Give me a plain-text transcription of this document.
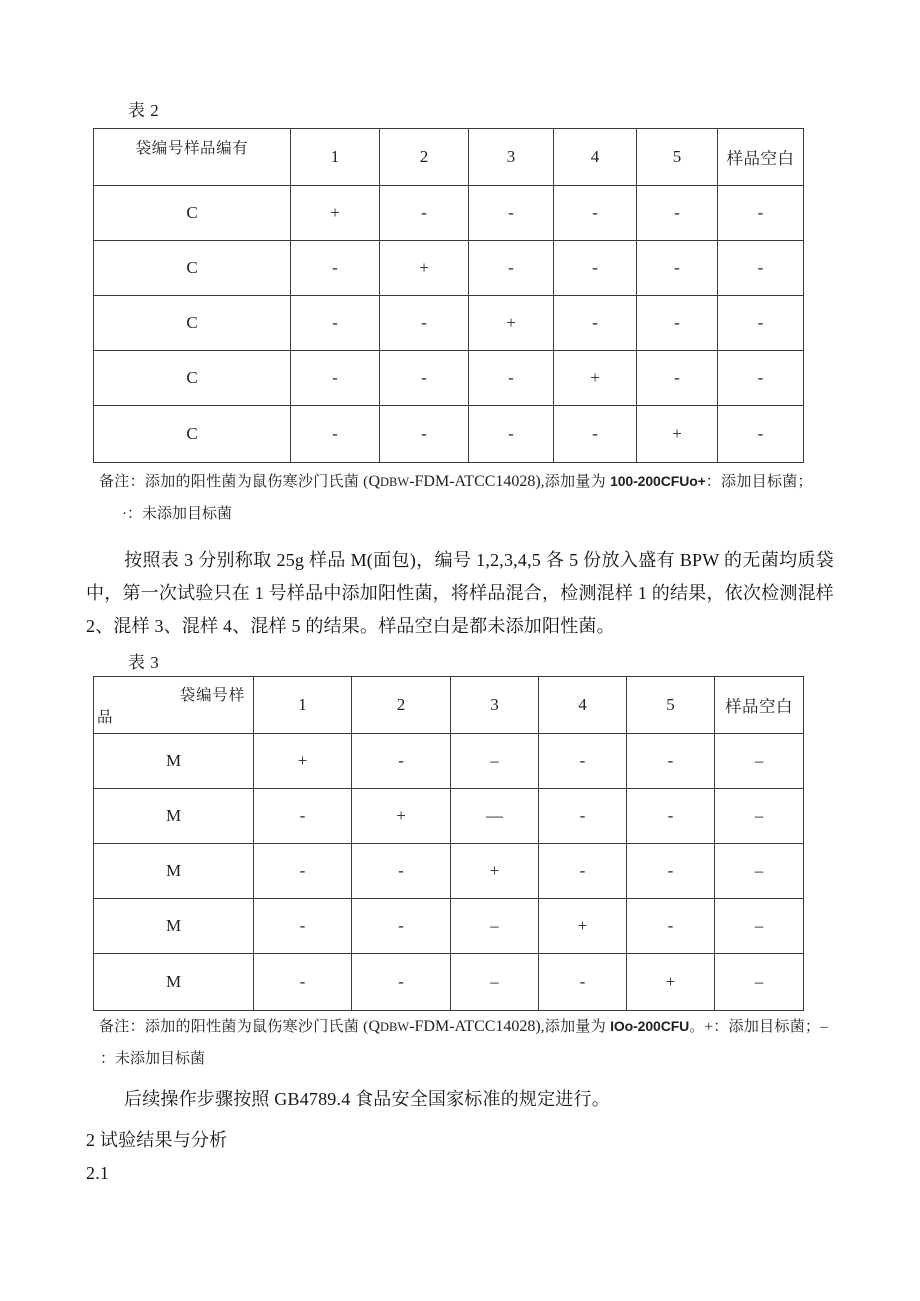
表 2
袋编号样品编有	1	2	3	4	5	样品空白
C	+	-	-	-	-	-
C	-	+	-	-	-	-
C	-	-	+	-	-	-
C	-	-	-	+	-	-
C	-	-	-	-	+	-
备注：添加的阳性菌为鼠伤寒沙门氏菌 (QDBW-FDM-ATCC14028),添加量为 100-200CFUo+：添加目标菌；
·：未添加目标菌
按照表 3 分别称取 25g 样品 M(面包)，编号 1,2,3,4,5 各 5 份放入盛有 BPW 的无菌均质袋中，第一次试验只在 1 号样品中添加阳性菌，将样品混合，检测混样 1 的结果，依次检测混样 2、混样 3、混样 4、混样 5 的结果。样品空白是都未添加阳性菌。
表 3
袋编号样
品	1	2	3	4	5	样品空白
M	+	-	–	-	-	–
M	-	+	—	-	-	–
M	-	-	+	-	-	–
M	-	-	–	+	-	–
M	-	-	–	-	+	–
备注：添加的阳性菌为鼠伤寒沙门氏菌 (QDBW-FDM-ATCC14028),添加量为 IOo-200CFU。+：添加目标菌；–
：未添加目标菌
后续操作步骤按照 GB4789.4 食品安全国家标准的规定进行。
2 试验结果与分析
2.1
